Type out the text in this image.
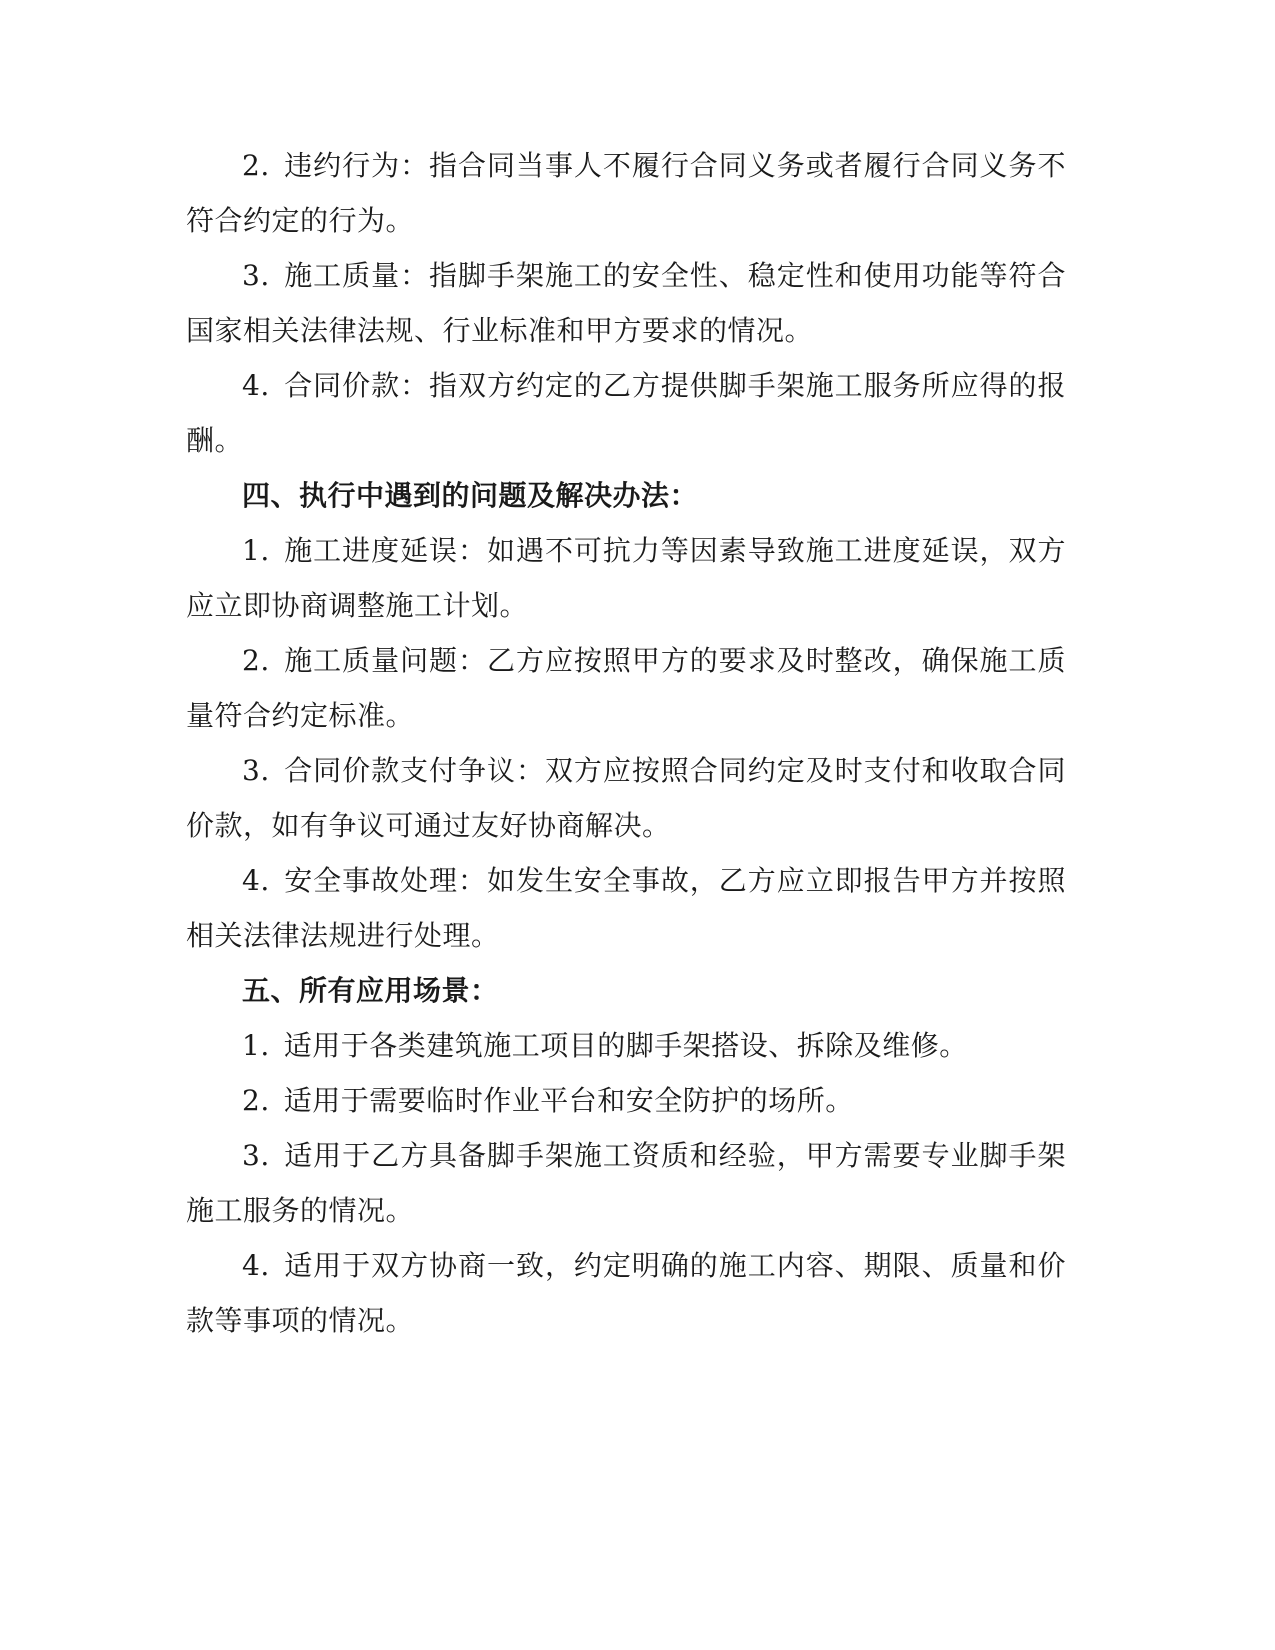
2. 违约行为：指合同当事人不履行合同义务或者履行合同义务不符合约定的行为。

3. 施工质量：指脚手架施工的安全性、稳定性和使用功能等符合国家相关法律法规、行业标准和甲方要求的情况。

4. 合同价款：指双方约定的乙方提供脚手架施工服务所应得的报酬。

四、执行中遇到的问题及解决办法：

1. 施工进度延误：如遇不可抗力等因素导致施工进度延误，双方应立即协商调整施工计划。

2. 施工质量问题：乙方应按照甲方的要求及时整改，确保施工质量符合约定标准。

3. 合同价款支付争议：双方应按照合同约定及时支付和收取合同价款，如有争议可通过友好协商解决。

4. 安全事故处理：如发生安全事故，乙方应立即报告甲方并按照相关法律法规进行处理。

五、所有应用场景：

1. 适用于各类建筑施工项目的脚手架搭设、拆除及维修。

2. 适用于需要临时作业平台和安全防护的场所。

3. 适用于乙方具备脚手架施工资质和经验，甲方需要专业脚手架施工服务的情况。

4. 适用于双方协商一致，约定明确的施工内容、期限、质量和价款等事项的情况。
